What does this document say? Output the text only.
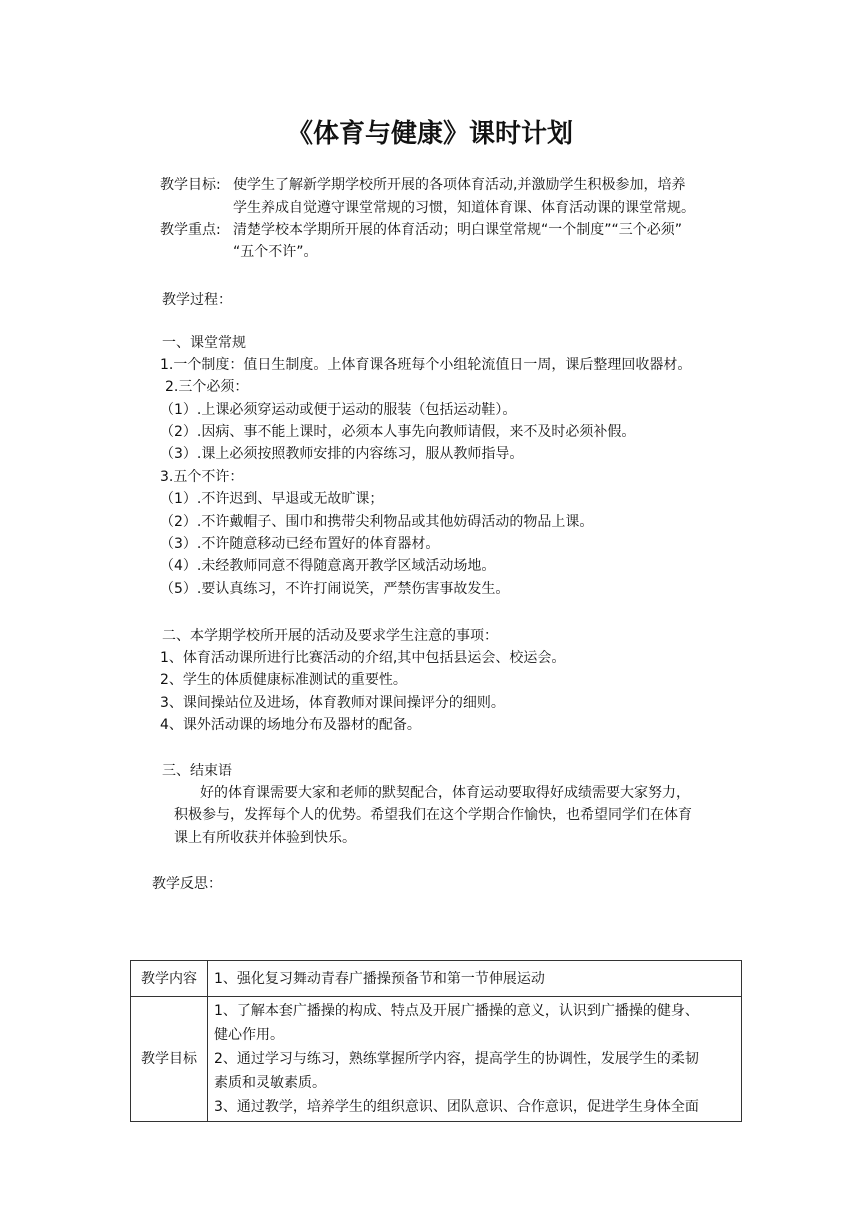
《体育与健康》课时计划
教学目标: 使学生了解新学期学校所开展的各项体育活动,并激励学生积极参加，培养
学生养成自觉遵守课堂常规的习惯，知道体育课、体育活动课的课堂常规。
教学重点: 清楚学校本学期所开展的体育活动；明白课堂常规“一个制度”“三个必须”
“五个不许”。
教学过程：
一、课堂常规
1.一个制度：值日生制度。上体育课各班每个小组轮流值日一周，课后整理回收器材。
2.三个必须：
（1）.上课必须穿运动或便于运动的服装（包括运动鞋）。
（2）.因病、事不能上课时，必须本人事先向教师请假，来不及时必须补假。
（3）.课上必须按照教师安排的内容练习，服从教师指导。
3.五个不许：
（1）.不许迟到、早退或无故旷课；
（2）.不许戴帽子、围巾和携带尖利物品或其他妨碍活动的物品上课。
（3）.不许随意移动已经布置好的体育器材。
（4）.未经教师同意不得随意离开教学区域活动场地。
（5）.要认真练习，不许打闹说笑，严禁伤害事故发生。
二、本学期学校所开展的活动及要求学生注意的事项：
1、体育活动课所进行比赛活动的介绍,其中包括县运会、校运会。
2、学生的体质健康标准测试的重要性。
3、课间操站位及进场，体育教师对课间操评分的细则。
4、课外活动课的场地分布及器材的配备。
三、结束语
好的体育课需要大家和老师的默契配合，体育运动要取得好成绩需要大家努力，
积极参与，发挥每个人的优势。希望我们在这个学期合作愉快，也希望同学们在体育
课上有所收获并体验到快乐。
教学反思：
教学内容	1、强化复习舞动青春广播操预备节和第一节伸展运动
教学目标	1、了解本套广播操的构成、特点及开展广播操的意义，认识到广播操的健身、
健心作用。
2、通过学习与练习，熟练掌握所学内容，提高学生的协调性，发展学生的柔韧
素质和灵敏素质。
3、通过教学，培养学生的组织意识、团队意识、合作意识，促进学生身体全面
